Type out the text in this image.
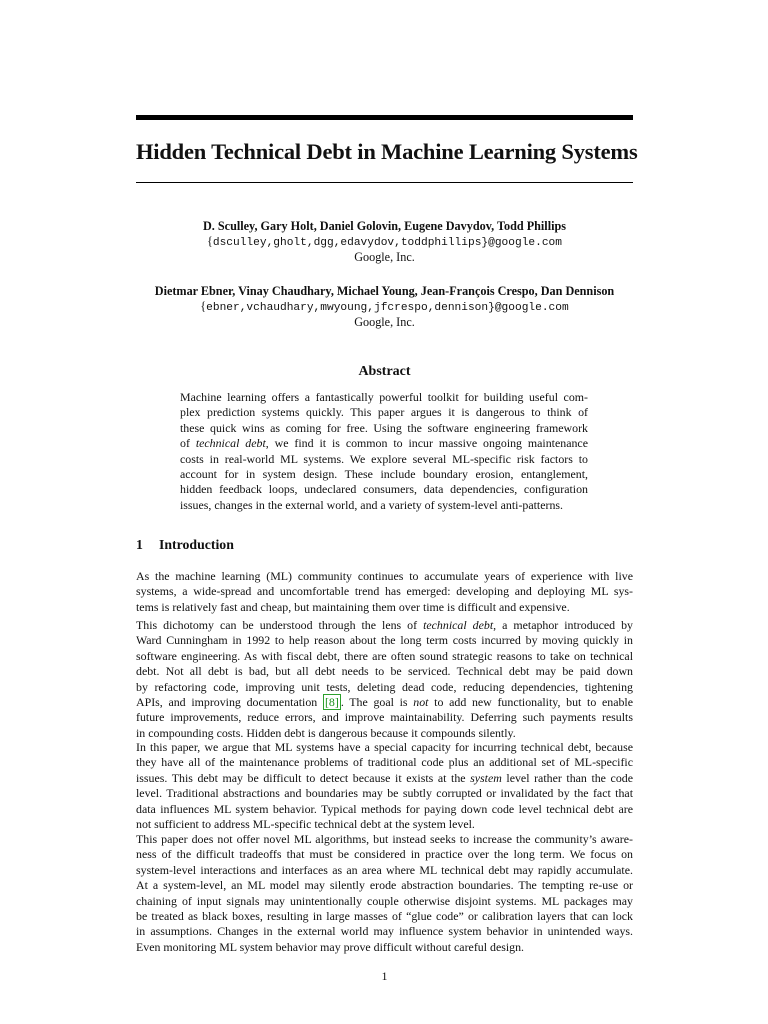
Hidden Technical Debt in Machine Learning Systems
D. Sculley, Gary Holt, Daniel Golovin, Eugene Davydov, Todd Phillips
{dsculley,gholt,dgg,edavydov,toddphillips}@google.com
Google, Inc.
Dietmar Ebner, Vinay Chaudhary, Michael Young, Jean-François Crespo, Dan Dennison
{ebner,vchaudhary,mwyoung,jfcrespo,dennison}@google.com
Google, Inc.
Abstract
Machine learning offers a fantastically powerful toolkit for building useful com-
plex prediction systems quickly. This paper argues it is dangerous to think of
these quick wins as coming for free. Using the software engineering framework
of technical debt, we find it is common to incur massive ongoing maintenance
costs in real-world ML systems. We explore several ML-specific risk factors to
account for in system design. These include boundary erosion, entanglement,
hidden feedback loops, undeclared consumers, data dependencies, configuration
issues, changes in the external world, and a variety of system-level anti-patterns.
1 Introduction
As the machine learning (ML) community continues to accumulate years of experience with live
systems, a wide-spread and uncomfortable trend has emerged: developing and deploying ML sys-
tems is relatively fast and cheap, but maintaining them over time is difficult and expensive.
This dichotomy can be understood through the lens of technical debt, a metaphor introduced by
Ward Cunningham in 1992 to help reason about the long term costs incurred by moving quickly in
software engineering. As with fiscal debt, there are often sound strategic reasons to take on technical
debt. Not all debt is bad, but all debt needs to be serviced. Technical debt may be paid down
by refactoring code, improving unit tests, deleting dead code, reducing dependencies, tightening
APIs, and improving documentation [8] . The goal is not to add new functionality, but to enable
future improvements, reduce errors, and improve maintainability. Deferring such payments results
in compounding costs. Hidden debt is dangerous because it compounds silently.
In this paper, we argue that ML systems have a special capacity for incurring technical debt, because
they have all of the maintenance problems of traditional code plus an additional set of ML-specific
issues. This debt may be difficult to detect because it exists at the system level rather than the code
level. Traditional abstractions and boundaries may be subtly corrupted or invalidated by the fact that
data influences ML system behavior. Typical methods for paying down code level technical debt are
not sufficient to address ML-specific technical debt at the system level.
This paper does not offer novel ML algorithms, but instead seeks to increase the community’s aware-
ness of the difficult tradeoffs that must be considered in practice over the long term. We focus on
system-level interactions and interfaces as an area where ML technical debt may rapidly accumulate.
At a system-level, an ML model may silently erode abstraction boundaries. The tempting re-use or
chaining of input signals may unintentionally couple otherwise disjoint systems. ML packages may
be treated as black boxes, resulting in large masses of “glue code” or calibration layers that can lock
in assumptions. Changes in the external world may influence system behavior in unintended ways.
Even monitoring ML system behavior may prove difficult without careful design.
1
